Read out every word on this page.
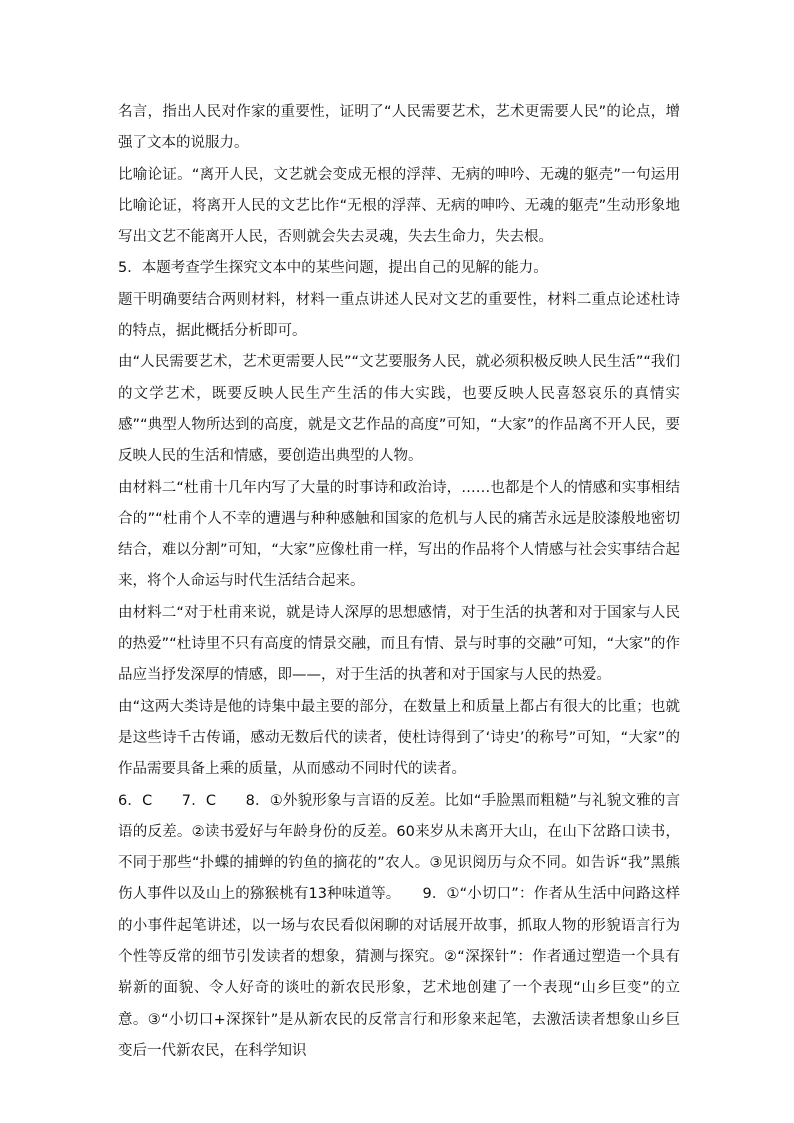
名言，指出人民对作家的重要性，证明了“人民需要艺术，艺术更需要人民”的论点，增强了文本的说服力。

比喻论证。“离开人民，文艺就会变成无根的浮萍、无病的呻吟、无魂的躯壳”一句运用比喻论证，将离开人民的文艺比作“无根的浮萍、无病的呻吟、无魂的躯壳”生动形象地写出文艺不能离开人民，否则就会失去灵魂，失去生命力，失去根。

5．本题考查学生探究文本中的某些问题，提出自己的见解的能力。

题干明确要结合两则材料，材料一重点讲述人民对文艺的重要性，材料二重点论述杜诗的特点，据此概括分析即可。

由“人民需要艺术，艺术更需要人民”“文艺要服务人民，就必须积极反映人民生活”“我们的文学艺术，既要反映人民生产生活的伟大实践，也要反映人民喜怒哀乐的真情实感”“典型人物所达到的高度，就是文艺作品的高度”可知，“大家”的作品离不开人民，要反映人民的生活和情感，要创造出典型的人物。

由材料二“杜甫十几年内写了大量的时事诗和政治诗，……也都是个人的情感和实事相结合的”“杜甫个人不幸的遭遇与种种感触和国家的危机与人民的痛苦永远是胶漆般地密切结合，难以分割”可知，“大家”应像杜甫一样，写出的作品将个人情感与社会实事结合起来，将个人命运与时代生活结合起来。

由材料二“对于杜甫来说，就是诗人深厚的思想感情，对于生活的执著和对于国家与人民的热爱”“杜诗里不只有高度的情景交融，而且有情、景与时事的交融”可知，“大家”的作品应当抒发深厚的情感，即——，对于生活的执著和对于国家与人民的热爱。

由“这两大类诗是他的诗集中最主要的部分，在数量上和质量上都占有很大的比重；也就是这些诗千古传诵，感动无数后代的读者，使杜诗得到了‘诗史’的称号”可知，“大家”的作品需要具备上乘的质量，从而感动不同时代的读者。

6．C　　7．C　　8．①外貌形象与言语的反差。比如“手脸黑而粗糙”与礼貌文雅的言语的反差。②读书爱好与年龄身份的反差。60来岁从未离开大山，在山下岔路口读书，不同于那些“扑蝶的捕蝉的钓鱼的摘花的”农人。③见识阅历与众不同。如告诉“我”黑熊伤人事件以及山上的猕猴桃有13种味道等。　　9．①“小切口”：作者从生活中问路这样的小事件起笔讲述，以一场与农民看似闲聊的对话展开故事，抓取人物的形貌语言行为个性等反常的细节引发读者的想象，猜测与探究。②“深探针”：作者通过塑造一个具有崭新的面貌、令人好奇的谈吐的新农民形象，艺术地创建了一个表现“山乡巨变”的立意。③“小切口+深探针”是从新农民的反常言行和形象来起笔，去激活读者想象山乡巨变后一代新农民，在科学知识
